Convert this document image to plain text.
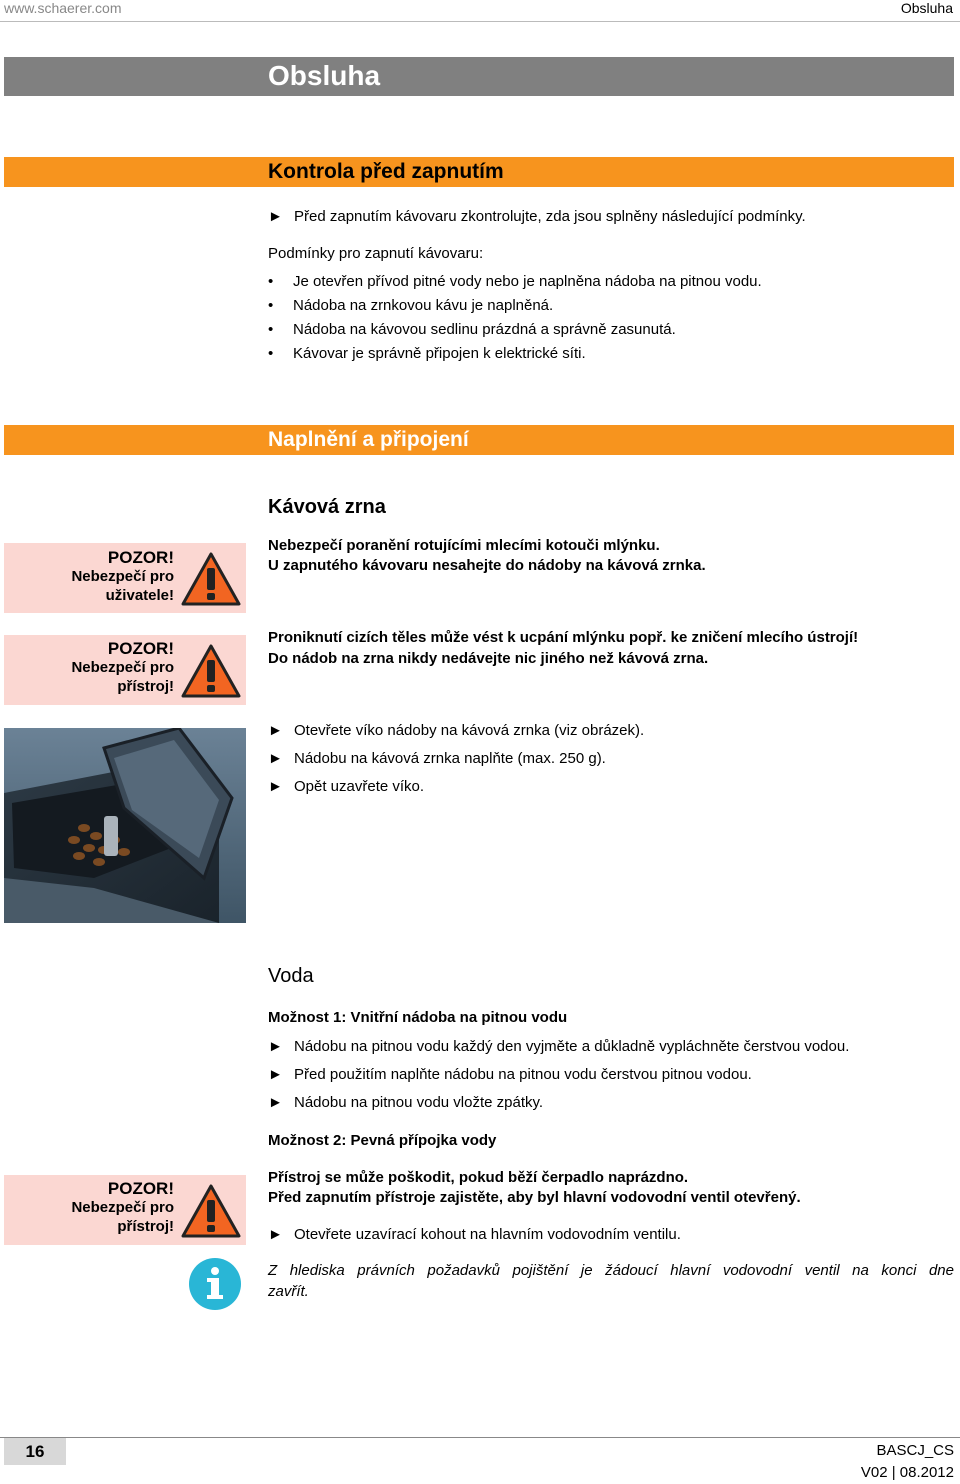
www.schaerer.com	Obsluha
Obsluha
Kontrola před zapnutím
► Před zapnutím kávovaru zkontrolujte, zda jsou splněny následující podmínky.
Podmínky pro zapnutí kávovaru:
• Je otevřen přívod pitné vody nebo je naplněna nádoba na pitnou vodu.
• Nádoba na zrnkovou kávu je naplněná.
• Nádoba na kávovou sedlinu prázdná a správně zasunutá.
• Kávovar je správně připojen k elektrické síti.
Naplnění a připojení
Kávová zrna
POZOR!
Nebezpečí pro
uživatele!
Nebezpečí poranění rotujícími mlecími kotouči mlýnku.
U zapnutého kávovaru nesahejte do nádoby na kávová zrnka.
POZOR!
Nebezpečí pro
přístroj!
Proniknutí cizích těles může vést k ucpání mlýnku popř. ke zničení mlecího ústrojí!
Do nádob na zrna nikdy nedávejte nic jiného než kávová zrna.
► Otevřete víko nádoby na kávová zrnka (viz obrázek).
► Nádobu na kávová zrnka naplňte (max. 250 g).
► Opět uzavřete víko.
Voda
Možnost 1: Vnitřní nádoba na pitnou vodu
► Nádobu na pitnou vodu každý den vyjměte a důkladně vypláchněte čerstvou vodou.
► Před použitím naplňte nádobu na pitnou vodu čerstvou pitnou vodou.
► Nádobu na pitnou vodu vložte zpátky.
Možnost 2: Pevná přípojka vody
POZOR!
Nebezpečí pro
přístroj!
Přístroj se může poškodit, pokud běží čerpadlo naprázdno.
Před zapnutím přístroje zajistěte, aby byl hlavní vodovodní ventil otevřený.
► Otevřete uzavírací kohout na hlavním vodovodním ventilu.
Z hlediska právních požadavků pojištění je žádoucí hlavní vodovodní ventil na konci dne
zavřít.
16	BASCJ_CS
V02 | 08.2012
